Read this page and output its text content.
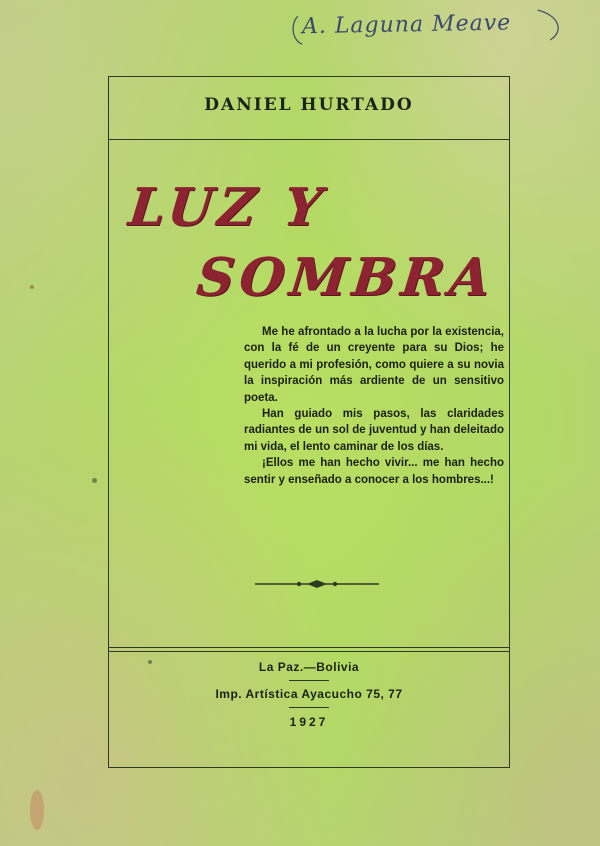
A. Laguna Meave
DANIEL HURTADO
LUZ Y
SOMBRA

Me he afrontado a la lucha por la existencia, con la fé de un creyente para su Dios; he querido a mi profesión, como quiere a su novia la inspiración más ardiente de un sensitivo poeta.

Han guiado mis pasos, las claridades radiantes de un sol de juventud y han deleitado mi vida, el lento caminar de los días.

¡Ellos me han hecho vivir... me han hecho sentir y enseñado a conocer a los hombres...!

La Paz.—Bolivia
Imp. Artística Ayacucho 75, 77
1927
